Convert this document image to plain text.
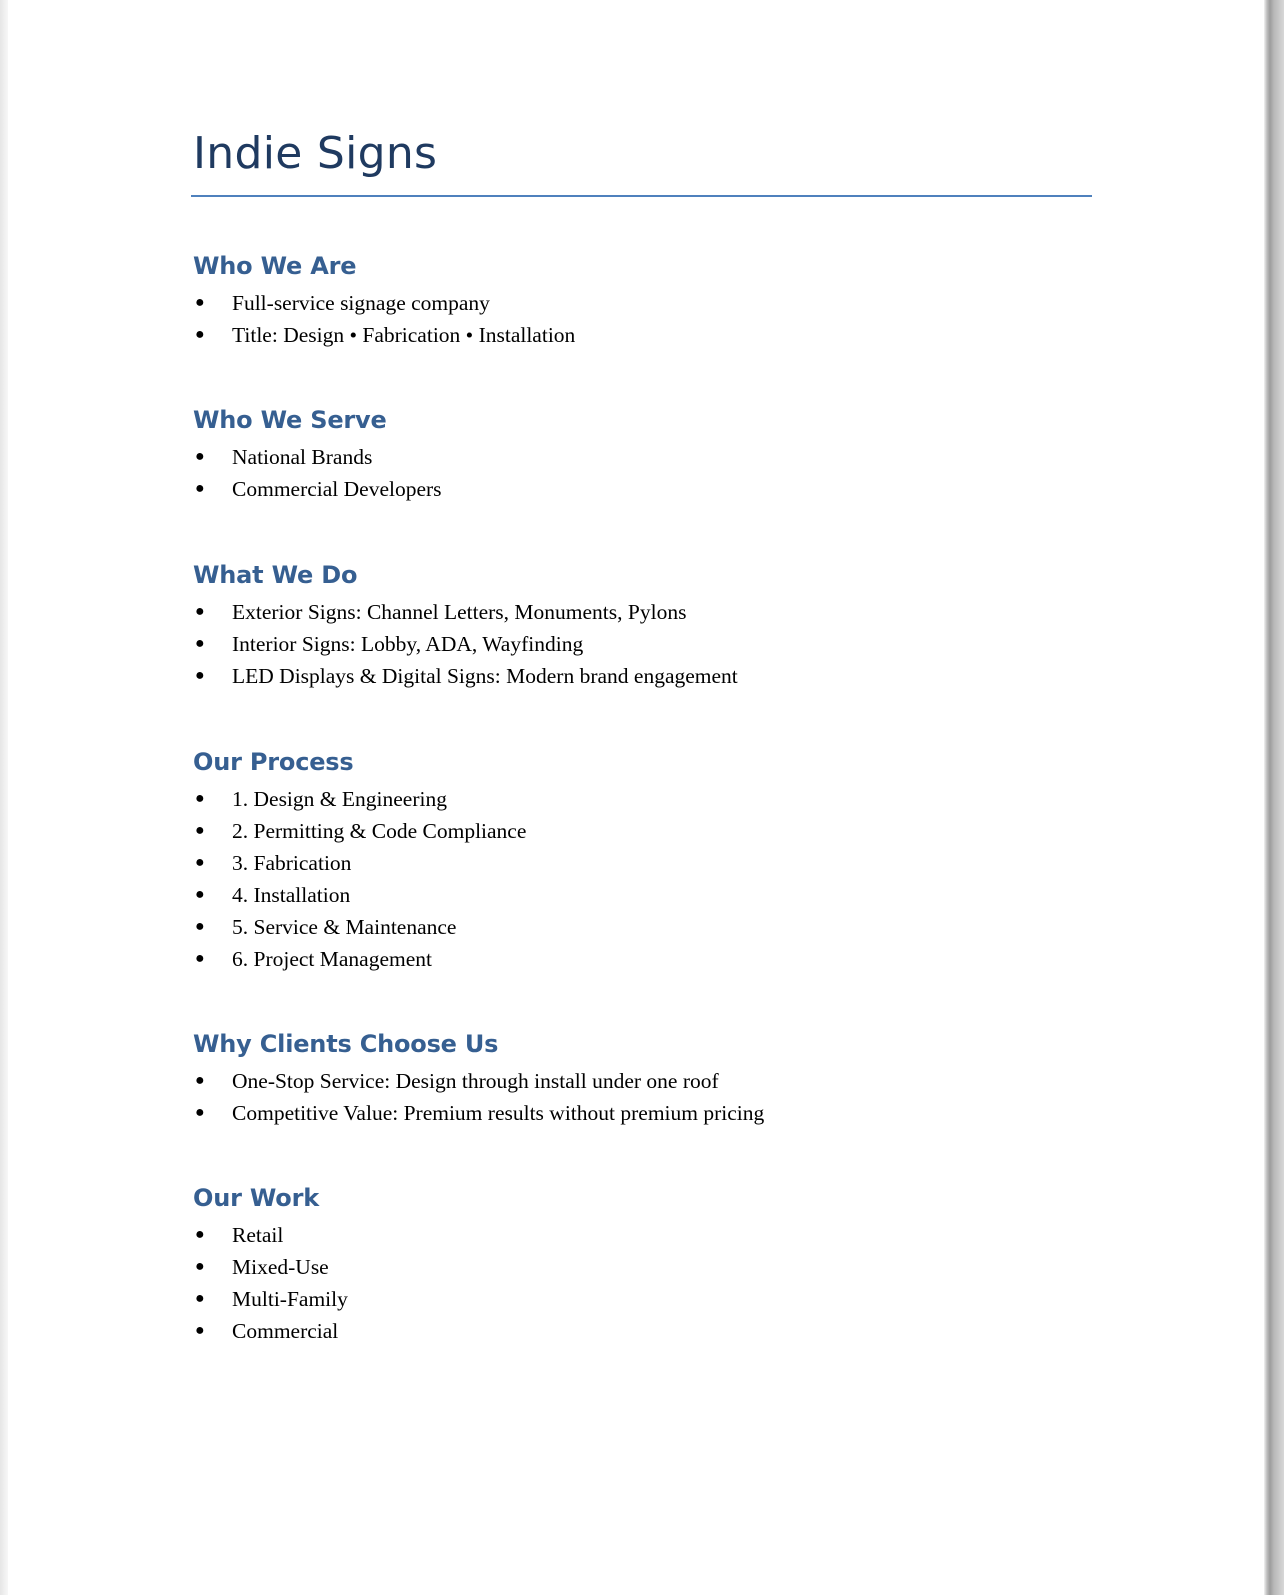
Indie Signs
Who We Are
● Full-service signage company
● Title: Design • Fabrication • Installation
Who We Serve
● National Brands
● Commercial Developers
What We Do
● Exterior Signs: Channel Letters, Monuments, Pylons
● Interior Signs: Lobby, ADA, Wayfinding
● LED Displays & Digital Signs: Modern brand engagement
Our Process
● 1. Design & Engineering
● 2. Permitting & Code Compliance
● 3. Fabrication
● 4. Installation
● 5. Service & Maintenance
● 6. Project Management
Why Clients Choose Us
● One-Stop Service: Design through install under one roof
● Competitive Value: Premium results without premium pricing
Our Work
● Retail
● Mixed-Use
● Multi-Family
● Commercial
